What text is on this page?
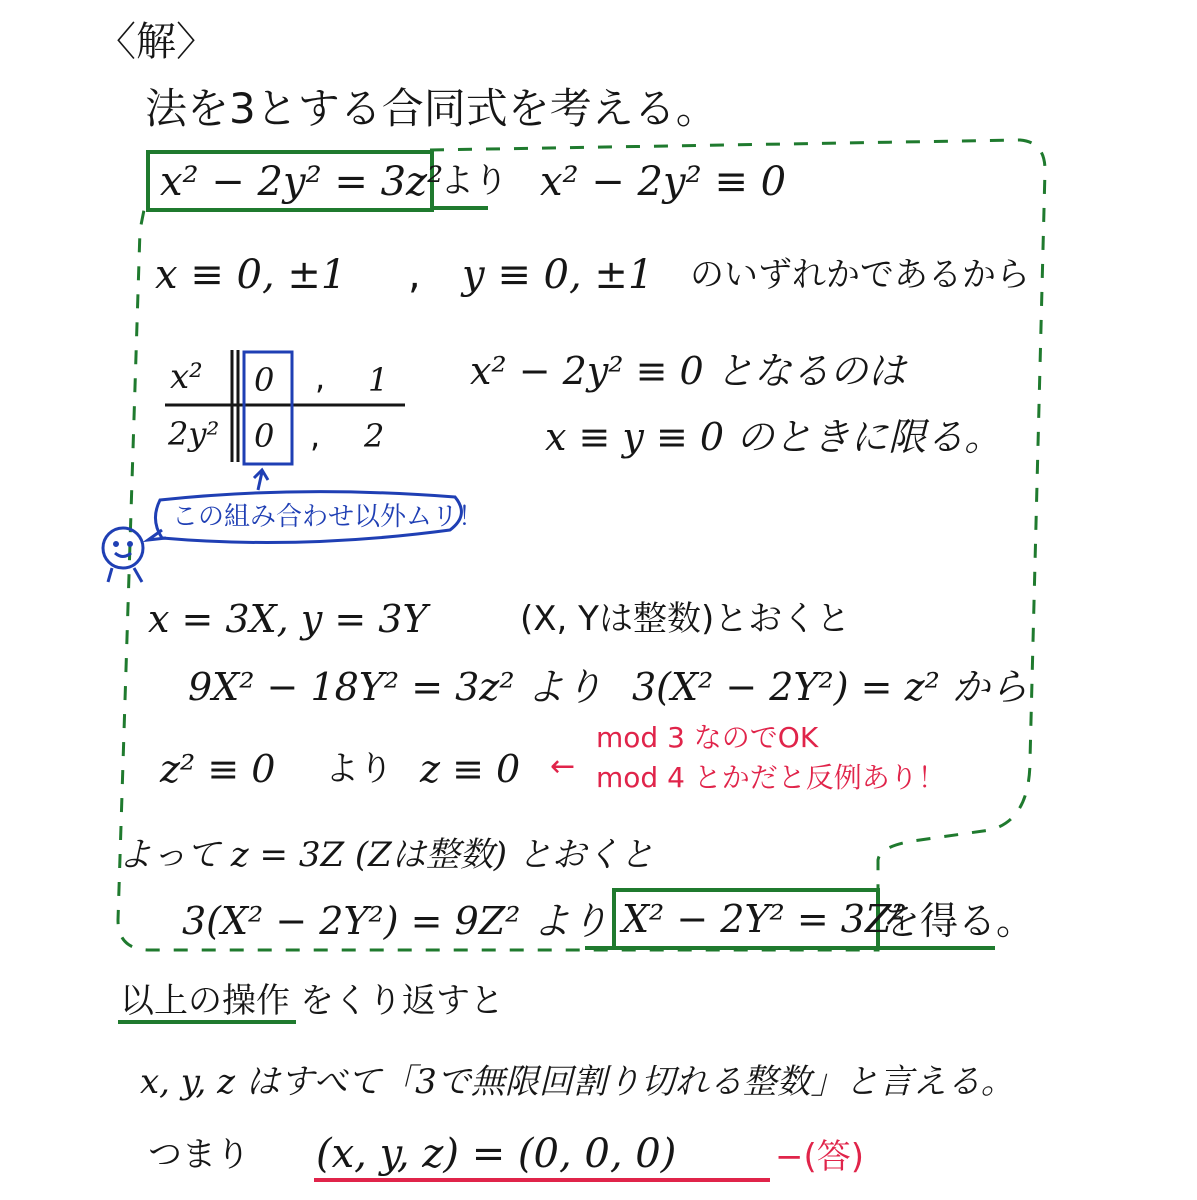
〈解〉
法を3とする合同式を考える。
x² − 2y² = 3z²
より x² − 2y² ≡ 0
x ≡ 0, ±1 , y ≡ 0, ±1 のいずれかであるから
x² 0 , 1
2y² 0 , 2
x² − 2y² ≡ 0 となるのは
x ≡ y ≡ 0 のときに限る。
この組み合わせ以外ムリ！
x = 3X, y = 3Y	(X, Yは整数)とおくと
9X² − 18Y² = 3z² より 3(X² − 2Y²) = z² から
z² ≡ 0 より z ≡ 0 ←
mod 3 なのでOK
mod 4 とかだと反例あり！
よって z = 3Z (Zは整数) とおくと
3(X² − 2Y²) = 9Z² より X² − 2Y² = 3Z²
を得る。
以上の操作 をくり返すと
x, y, z はすべて「3で無限回割り切れる整数」と言える。
つまり (x, y, z) = (0, 0, 0)	−(答)
